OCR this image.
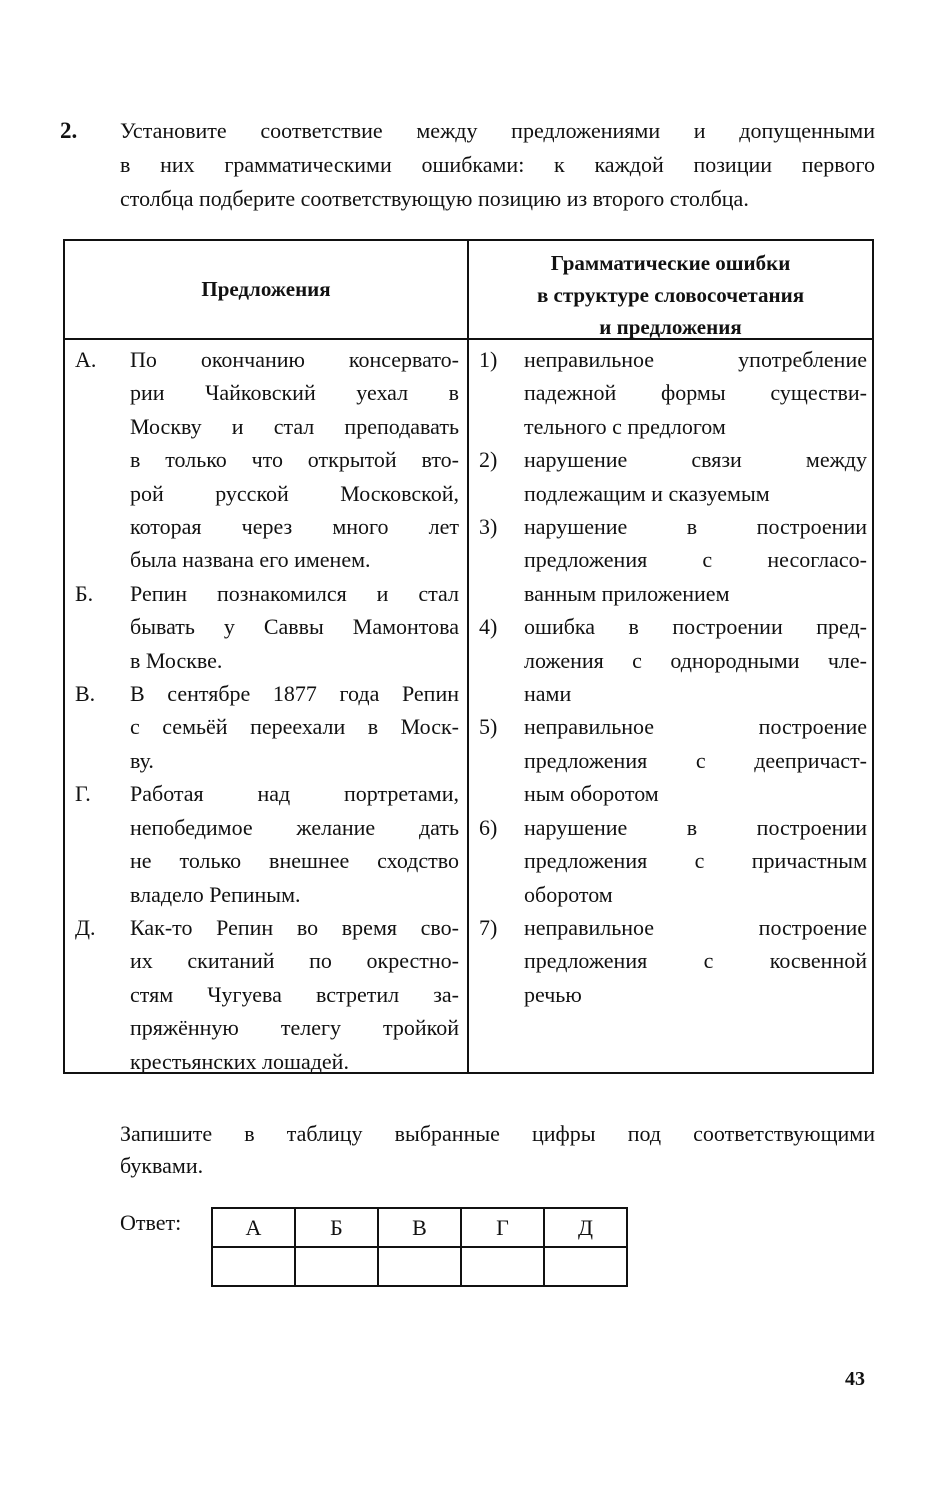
2. Установите соответствие между предложениями и допущенными
в них грамматическими ошибками: к каждой позиции первого
столбца подберите соответствующую позицию из второго столбца.
Предложения
Грамматические ошибки
в структуре словосочетания
и предложения
А.	По окончанию консервато-
рии Чайковский уехал в
Москву и стал преподавать
в только что открытой вто-
рой русской Московской,
которая через много лет
была названа его именем.
Б.	Репин познакомился и стал
бывать у Саввы Мамонтова
в Москве.
В.	В сентябре 1877 года Репин
с семьёй переехали в Моск-
ву.
Г.	Работая над портретами,
непобедимое желание дать
не только внешнее сходство
владело Репиным.
Д.	Как-то Репин во время сво-
их скитаний по окрестно-
стям Чугуева встретил за-
пряжённую телегу тройкой
крестьянских лошадей.
1)	неправильное употребление
падежной формы существи-
тельного с предлогом
2)	нарушение связи между
подлежащим и сказуемым
3)	нарушение в построении
предложения с несогласо-
ванным приложением
4)	ошибка в построении пред-
ложения с однородными чле-
нами
5)	неправильное построение
предложения с деепричаст-
ным оборотом
6)	нарушение в построении
предложения с причастным
оборотом
7)	неправильное построение
предложения с косвенной
речью
Запишите в таблицу выбранные цифры под соответствующими
буквами.
Ответ:	А	Б	В	Г	Д

43
